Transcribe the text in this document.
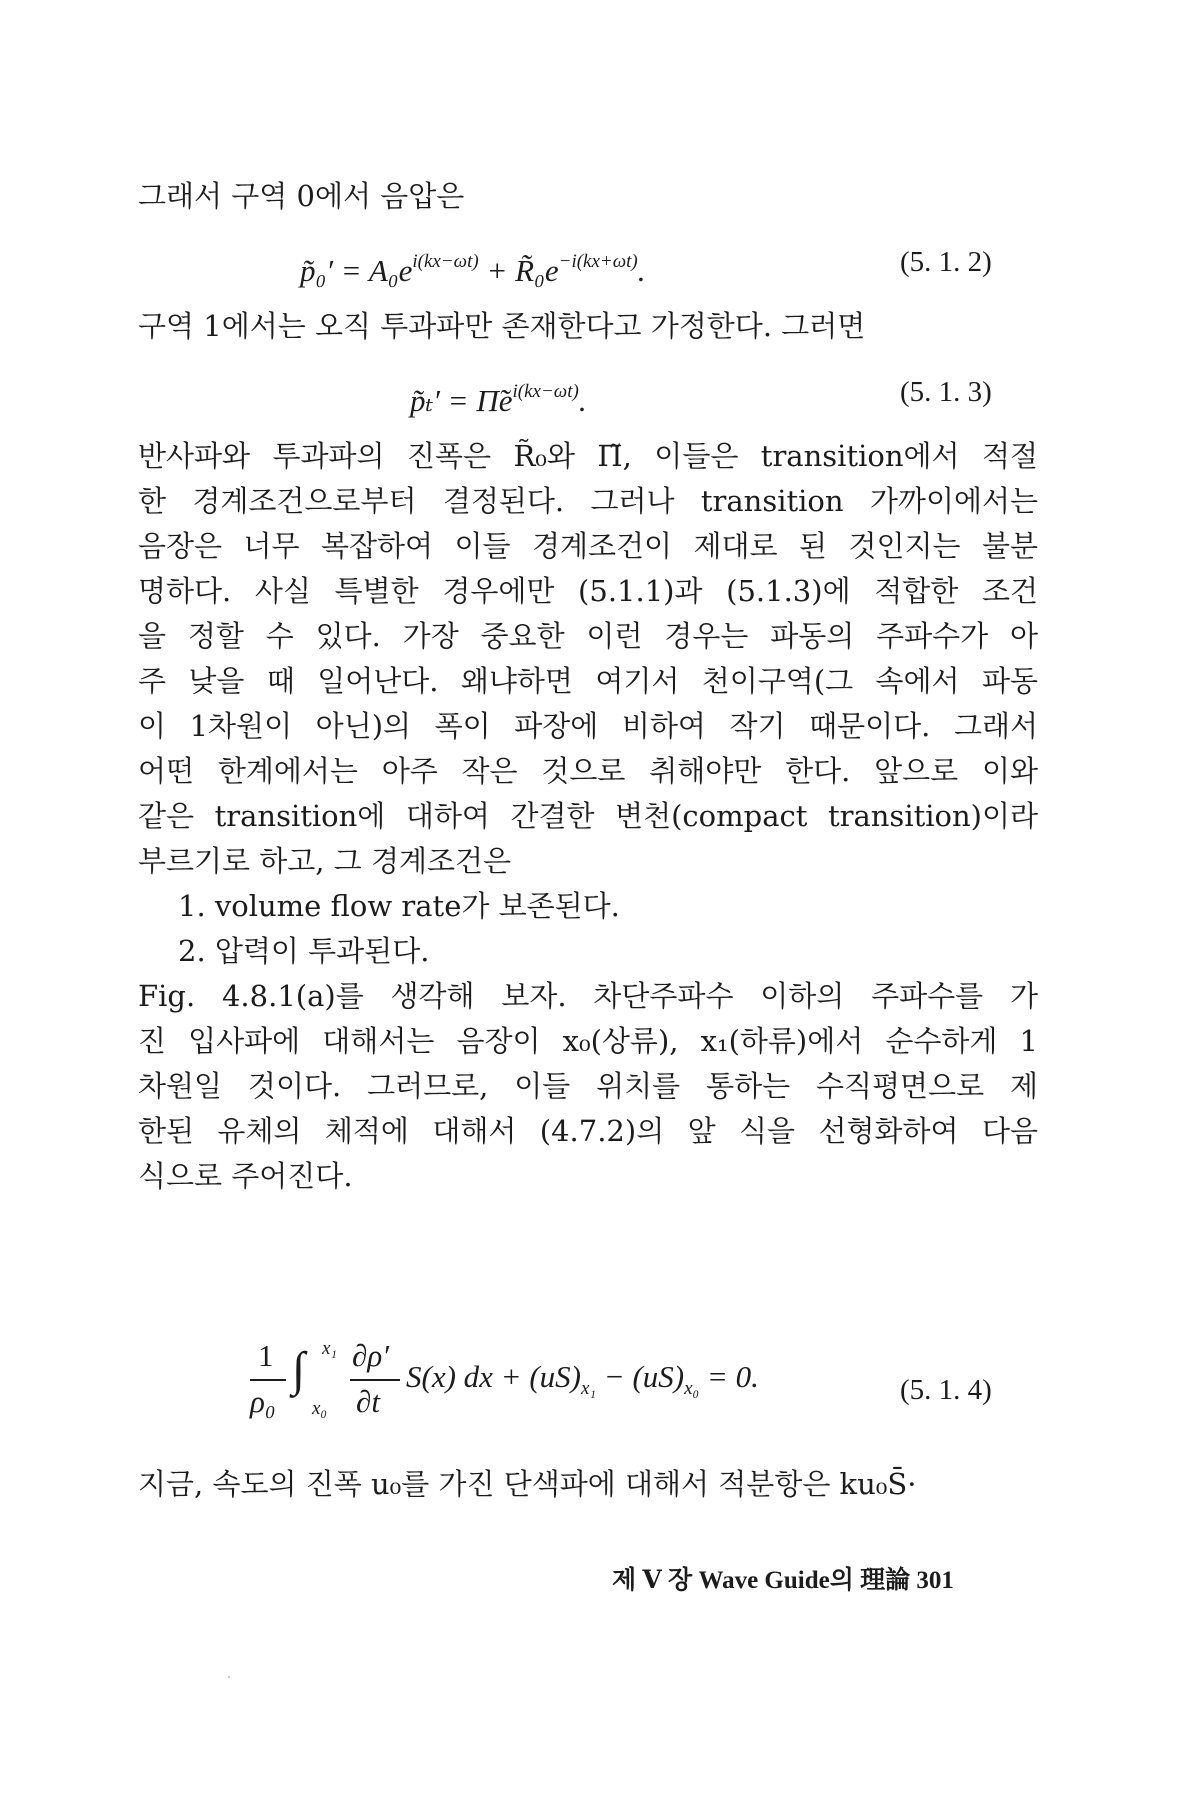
그래서 구역 0에서 음압은
p̃₀′ = $A_0e^{i(kx-\omega t)}$ + $R̃_0e^{-i(kx+\omega t)}$.	(5. 1. 2)
구역 1에서는 오직 투과파만 존재한다고 가정한다. 그러면
p̃ₜ′ = $\Pĩe^{i(kx-\omega t)}$.	(5. 1. 3)
반사파와 투과파의 진폭은 R̃₀와 Π̃, 이들은 transition에서 적절
한 경계조건으로부터 결정된다. 그러나 transition 가까이에서는
음장은 너무 복잡하여 이들 경계조건이 제대로 된 것인지는 불분
명하다. 사실 특별한 경우에만 (5.1.1)과 (5.1.3)에 적합한 조건
을 정할 수 있다. 가장 중요한 이런 경우는 파동의 주파수가 아
주 낮을 때 일어난다. 왜냐하면 여기서 천이구역(그 속에서 파동
이 1차원이 아닌)의 폭이 파장에 비하여 작기 때문이다. 그래서
어떤 한계에서는 아주 작은 것으로 취해야만 한다. 앞으로 이와
같은 transition에 대하여 간결한 변천(compact transition)이라
부르기로 하고, 그 경계조건은
1. volume flow rate가 보존된다.
2. 압력이 투과된다.
Fig. 4.8.1(a)를 생각해 보자. 차단주파수 이하의 주파수를 가
진 입사파에 대해서는 음장이 x₀(상류), x₁(하류)에서 순수하게 1
차원일 것이다. 그러므로, 이들 위치를 통하는 수직평면으로 제
한된 유체의 체적에 대해서 (4.7.2)의 앞 식을 선형화하여 다음
식으로 주어진다.
1
ρ₀
∫ x₁
x₀
∂ρ′
∂t
S(x) dx + $(uS)_{x_1} - (uS)_{x_0} = 0$.	(5. 1. 4)
지금, 속도의 진폭 u₀를 가진 단색파에 대해서 적분항은 ku₀S̄·
제 Ⅴ 장 Wave Guide의 理論 301
